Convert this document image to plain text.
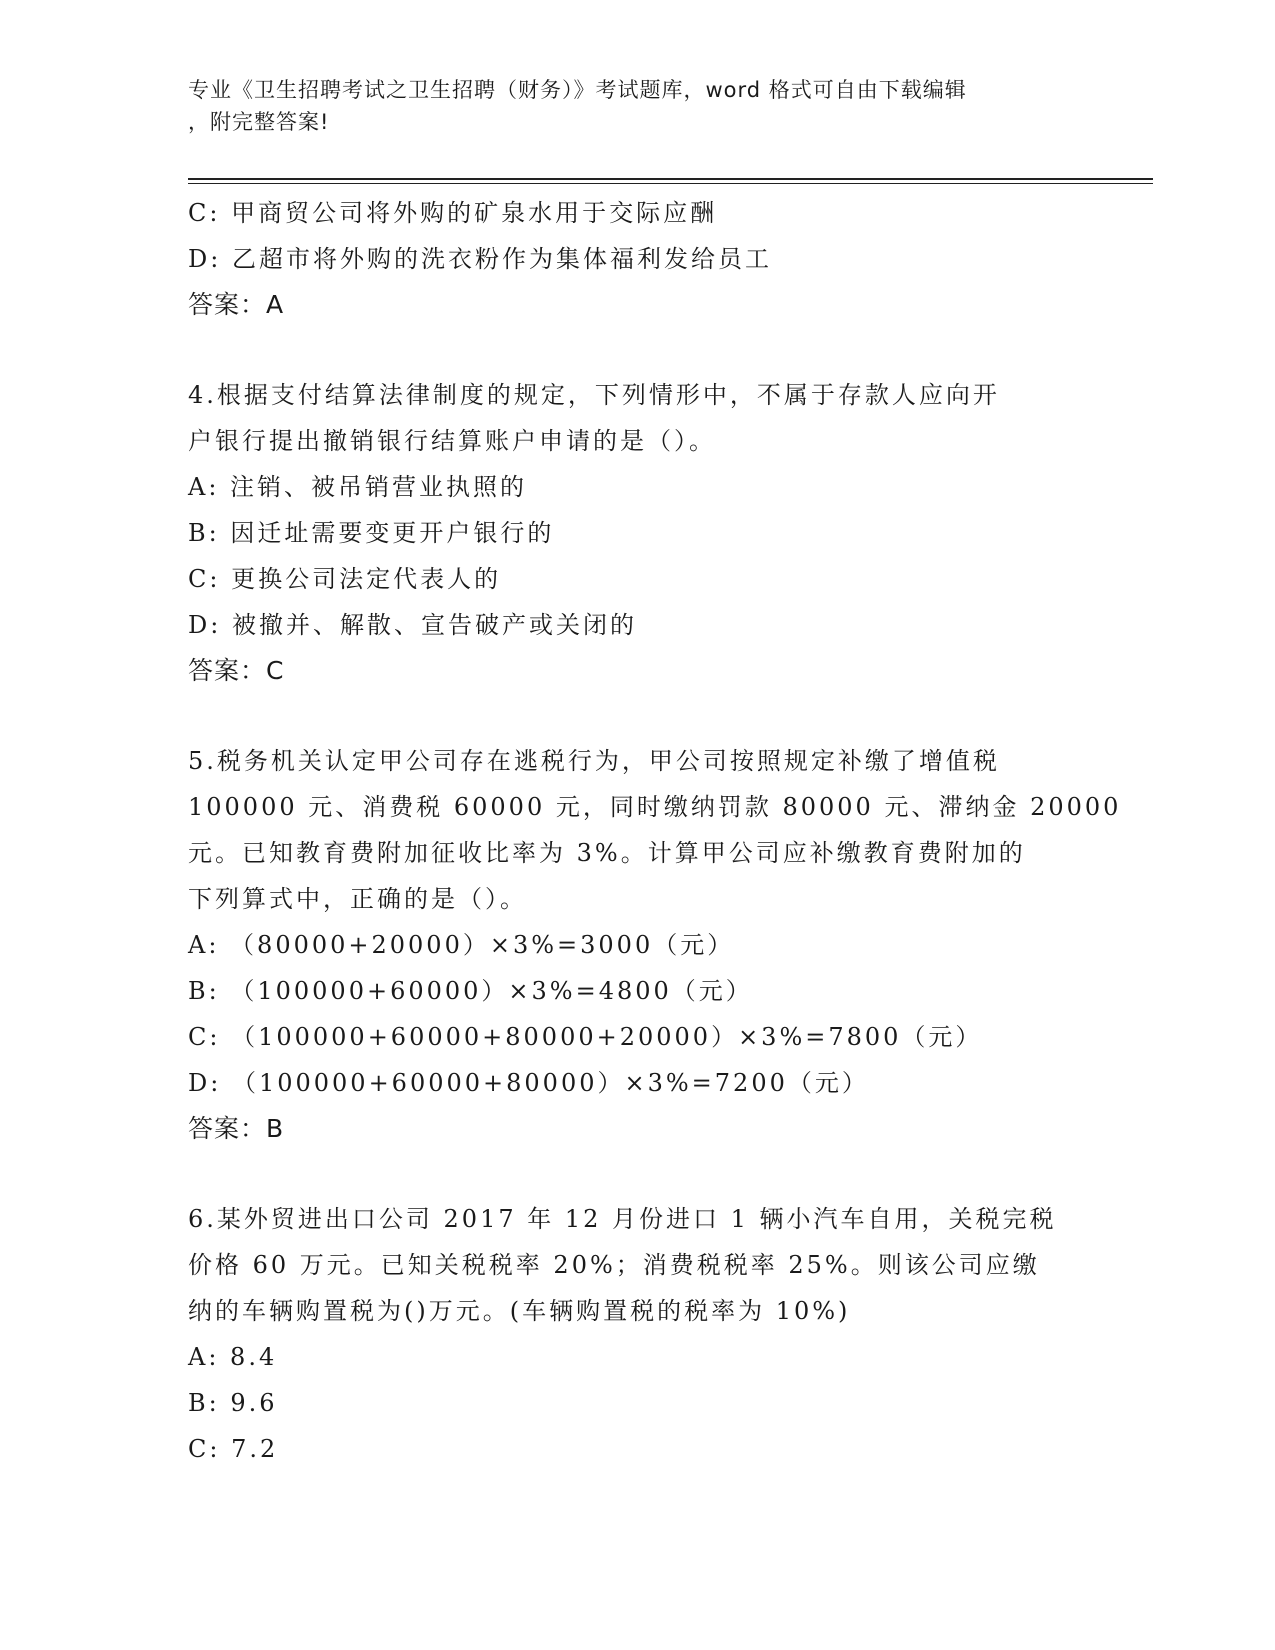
专业《卫生招聘考试之卫生招聘（财务）》考试题库，word 格式可自由下载编辑
，附完整答案!
C: 甲商贸公司将外购的矿泉水用于交际应酬
D: 乙超市将外购的洗衣粉作为集体福利发给员工
答案：A
4.根据支付结算法律制度的规定，下列情形中，不属于存款人应向开
户银行提出撤销银行结算账户申请的是（）。
A: 注销、被吊销营业执照的
B: 因迁址需要变更开户银行的
C: 更换公司法定代表人的
D: 被撤并、解散、宣告破产或关闭的
答案：C
5.税务机关认定甲公司存在逃税行为，甲公司按照规定补缴了增值税
100000 元、消费税 60000 元，同时缴纳罚款 80000 元、滞纳金 20000
元。已知教育费附加征收比率为 3%。计算甲公司应补缴教育费附加的
下列算式中，正确的是（）。
A: （80000+20000）×3%=3000（元）
B: （100000+60000）×3%=4800（元）
C: （100000+60000+80000+20000）×3%=7800（元）
D: （100000+60000+80000）×3%=7200（元）
答案：B
6.某外贸进出口公司 2017 年 12 月份进口 1 辆小汽车自用，关税完税
价格 60 万元。已知关税税率 20%；消费税税率 25%。则该公司应缴
纳的车辆购置税为()万元。(车辆购置税的税率为 10%)
A: 8.4
B: 9.6
C: 7.2
